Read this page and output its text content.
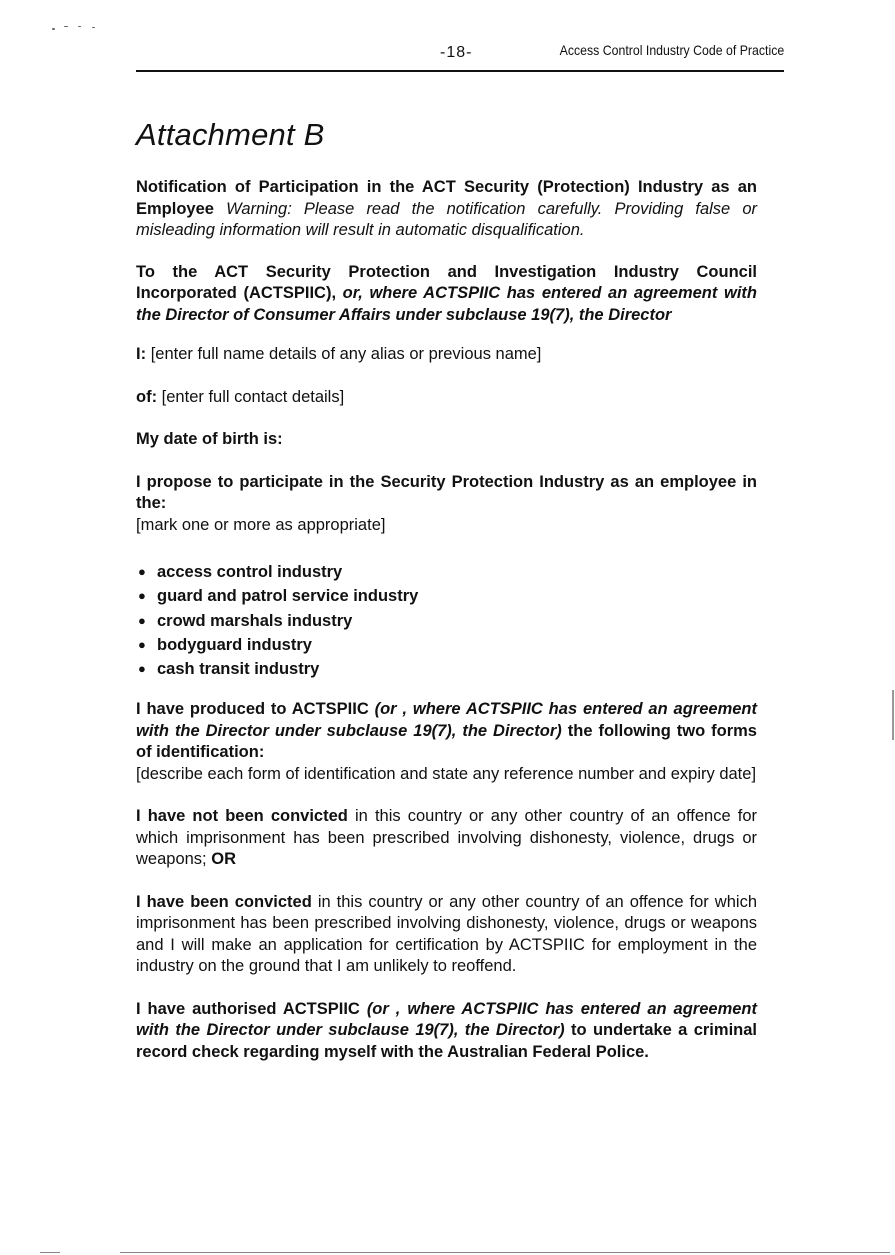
-18-	Access Control Industry Code of Practice
Attachment B

Notification of Participation in the ACT Security (Protection) Industry as an Employee Warning: Please read the notification carefully. Providing false or misleading information will result in automatic disqualification.

To the ACT Security Protection and Investigation Industry Council Incorporated (ACTSPIIC), or, where ACTSPIIC has entered an agreement with the Director of Consumer Affairs under subclause 19(7), the Director

I: [enter full name details of any alias or previous name]

of: [enter full contact details]

My date of birth is:

I propose to participate in the Security Protection Industry as an employee in the:

[mark one or more as appropriate]

● access control industry
● guard and patrol service industry
● crowd marshals industry
● bodyguard industry
● cash transit industry

I have produced to ACTSPIIC (or , where ACTSPIIC has entered an agreement with the Director under subclause 19(7), the Director) the following two forms of identification:

[describe each form of identification and state any reference number and expiry date]

I have not been convicted in this country or any other country of an offence for which imprisonment has been prescribed involving dishonesty, violence, drugs or weapons; OR

I have been convicted in this country or any other country of an offence for which imprisonment has been prescribed involving dishonesty, violence, drugs or weapons and I will make an application for certification by ACTSPIIC for employment in the industry on the ground that I am unlikely to reoffend.

I have authorised ACTSPIIC (or , where ACTSPIIC has entered an agreement with the Director under subclause 19(7), the Director) to undertake a criminal record check regarding myself with the Australian Federal Police.
